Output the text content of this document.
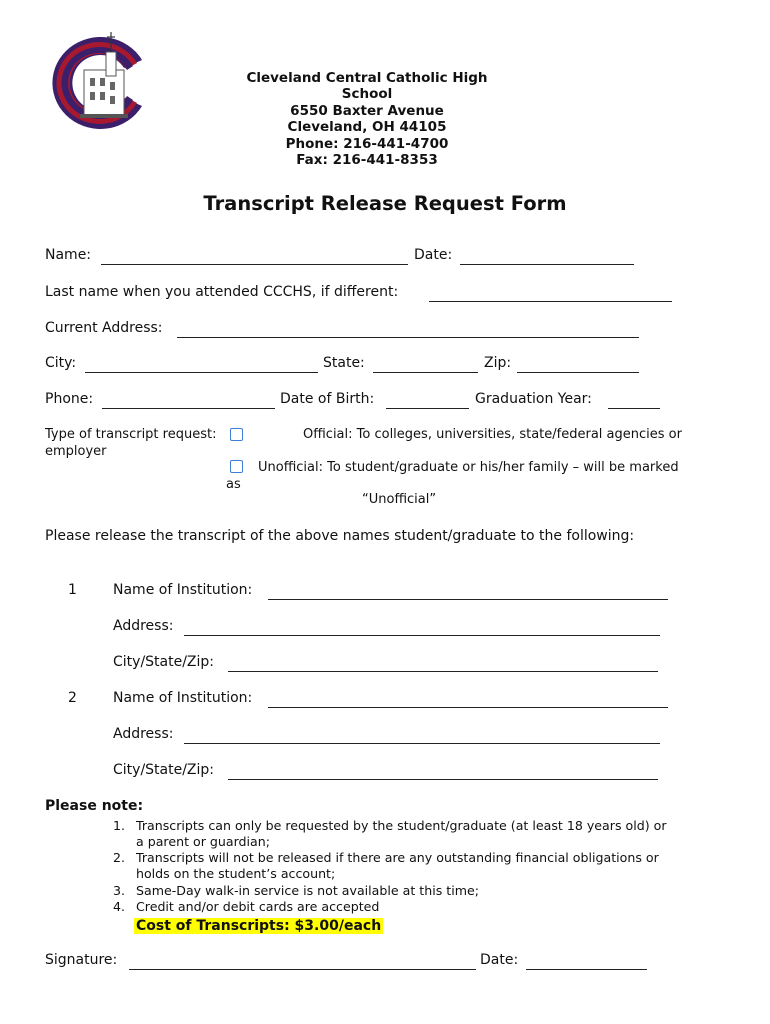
Cleveland Central Catholic High
School
6550 Baxter Avenue
Cleveland, OH 44105
Phone: 216-441-4700
Fax: 216-441-8353
Transcript Release Request Form
Name:	Date:
Last name when you attended CCCHS, if different:
Current Address:
City:	State:	Zip:
Phone:	Date of Birth:	Graduation Year:
Type of transcript request:	Official: To colleges, universities, state/federal agencies or
employer
Unofficial: To student/graduate or his/her family – will be marked
as
“Unofficial”
Please release the transcript of the above names student/graduate to the following:
1	Name of Institution:
Address:
City/State/Zip:
2	Name of Institution:
Address:
City/State/Zip:
Please note:
1. Transcripts can only be requested by the student/graduate (at least 18 years old) or
a parent or guardian;
2. Transcripts will not be released if there are any outstanding financial obligations or
holds on the student’s account;
3. Same-Day walk-in service is not available at this time;
4. Credit and/or debit cards are accepted
Cost of Transcripts: $3.00/each
Signature:	Date:
